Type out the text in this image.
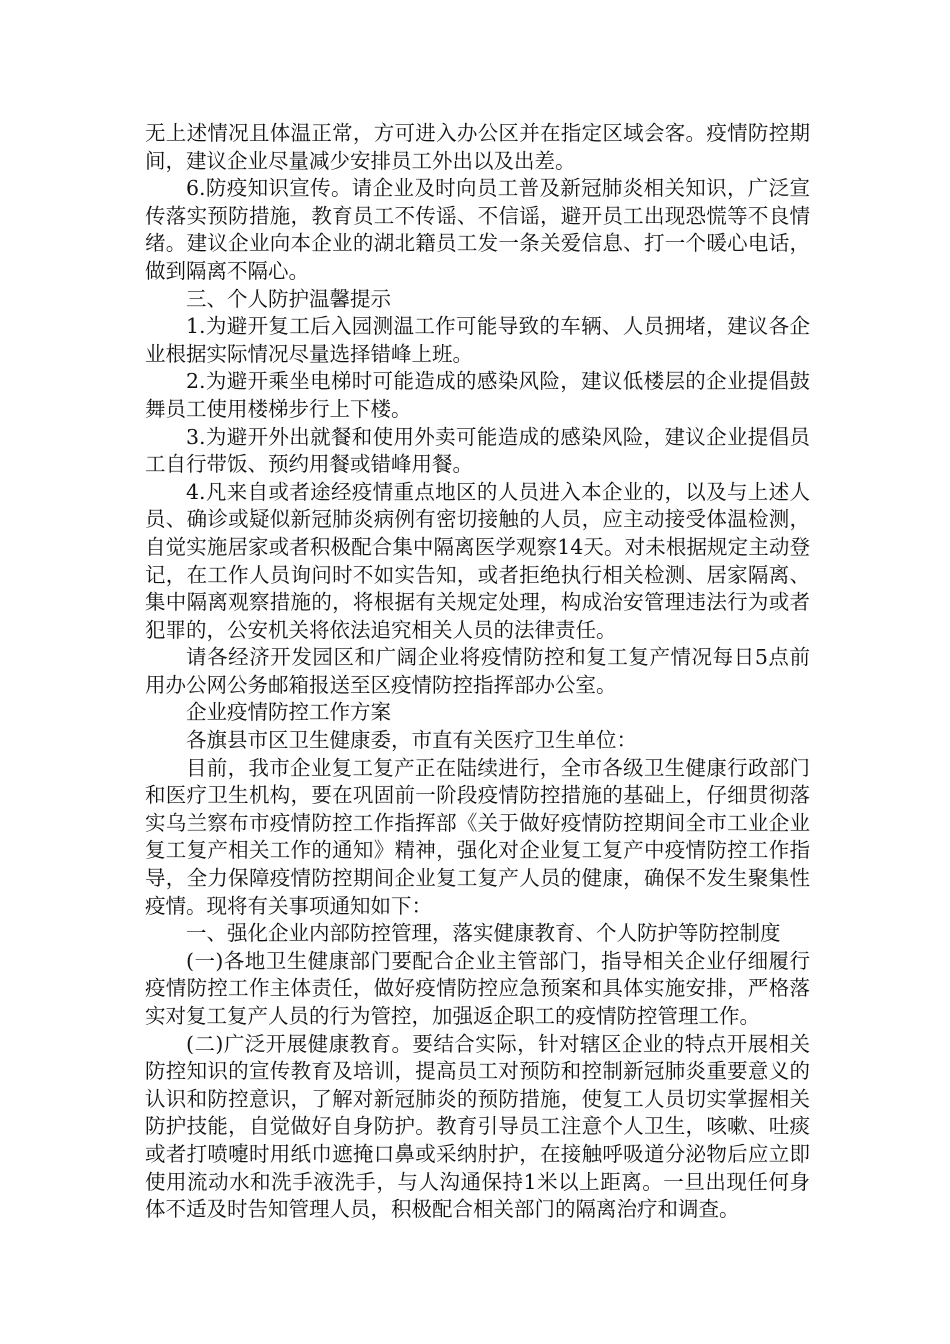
无上述情况且体温正常，方可进入办公区并在指定区域会客。疫情防控期间，建议企业尽量减少安排员工外出以及出差。

6.防疫知识宣传。请企业及时向员工普及新冠肺炎相关知识，广泛宣传落实预防措施，教育员工不传谣、不信谣，避开员工出现恐慌等不良情绪。建议企业向本企业的湖北籍员工发一条关爱信息、打一个暖心电话，做到隔离不隔心。

三、个人防护温馨提示

1.为避开复工后入园测温工作可能导致的车辆、人员拥堵，建议各企业根据实际情况尽量选择错峰上班。

2.为避开乘坐电梯时可能造成的感染风险，建议低楼层的企业提倡鼓舞员工使用楼梯步行上下楼。

3.为避开外出就餐和使用外卖可能造成的感染风险，建议企业提倡员工自行带饭、预约用餐或错峰用餐。

4.凡来自或者途经疫情重点地区的人员进入本企业的，以及与上述人员、确诊或疑似新冠肺炎病例有密切接触的人员，应主动接受体温检测，自觉实施居家或者积极配合集中隔离医学观察14天。对未根据规定主动登记，在工作人员询问时不如实告知，或者拒绝执行相关检测、居家隔离、集中隔离观察措施的，将根据有关规定处理，构成治安管理违法行为或者犯罪的，公安机关将依法追究相关人员的法律责任。

请各经济开发园区和广阔企业将疫情防控和复工复产情况每日5点前用办公网公务邮箱报送至区疫情防控指挥部办公室。

企业疫情防控工作方案

各旗县市区卫生健康委，市直有关医疗卫生单位：

目前，我市企业复工复产正在陆续进行，全市各级卫生健康行政部门和医疗卫生机构，要在巩固前一阶段疫情防控措施的基础上，仔细贯彻落实乌兰察布市疫情防控工作指挥部《关于做好疫情防控期间全市工业企业复工复产相关工作的通知》精神，强化对企业复工复产中疫情防控工作指导，全力保障疫情防控期间企业复工复产人员的健康，确保不发生聚集性疫情。现将有关事项通知如下：

一、强化企业内部防控管理，落实健康教育、个人防护等防控制度

(一)各地卫生健康部门要配合企业主管部门，指导相关企业仔细履行疫情防控工作主体责任，做好疫情防控应急预案和具体实施安排，严格落实对复工复产人员的行为管控，加强返企职工的疫情防控管理工作。

(二)广泛开展健康教育。要结合实际，针对辖区企业的特点开展相关防控知识的宣传教育及培训，提高员工对预防和控制新冠肺炎重要意义的认识和防控意识，了解对新冠肺炎的预防措施，使复工人员切实掌握相关防护技能，自觉做好自身防护。教育引导员工注意个人卫生，咳嗽、吐痰或者打喷嚏时用纸巾遮掩口鼻或采纳肘护，在接触呼吸道分泌物后应立即使用流动水和洗手液洗手，与人沟通保持1米以上距离。一旦出现任何身体不适及时告知管理人员，积极配合相关部门的隔离治疗和调查。
